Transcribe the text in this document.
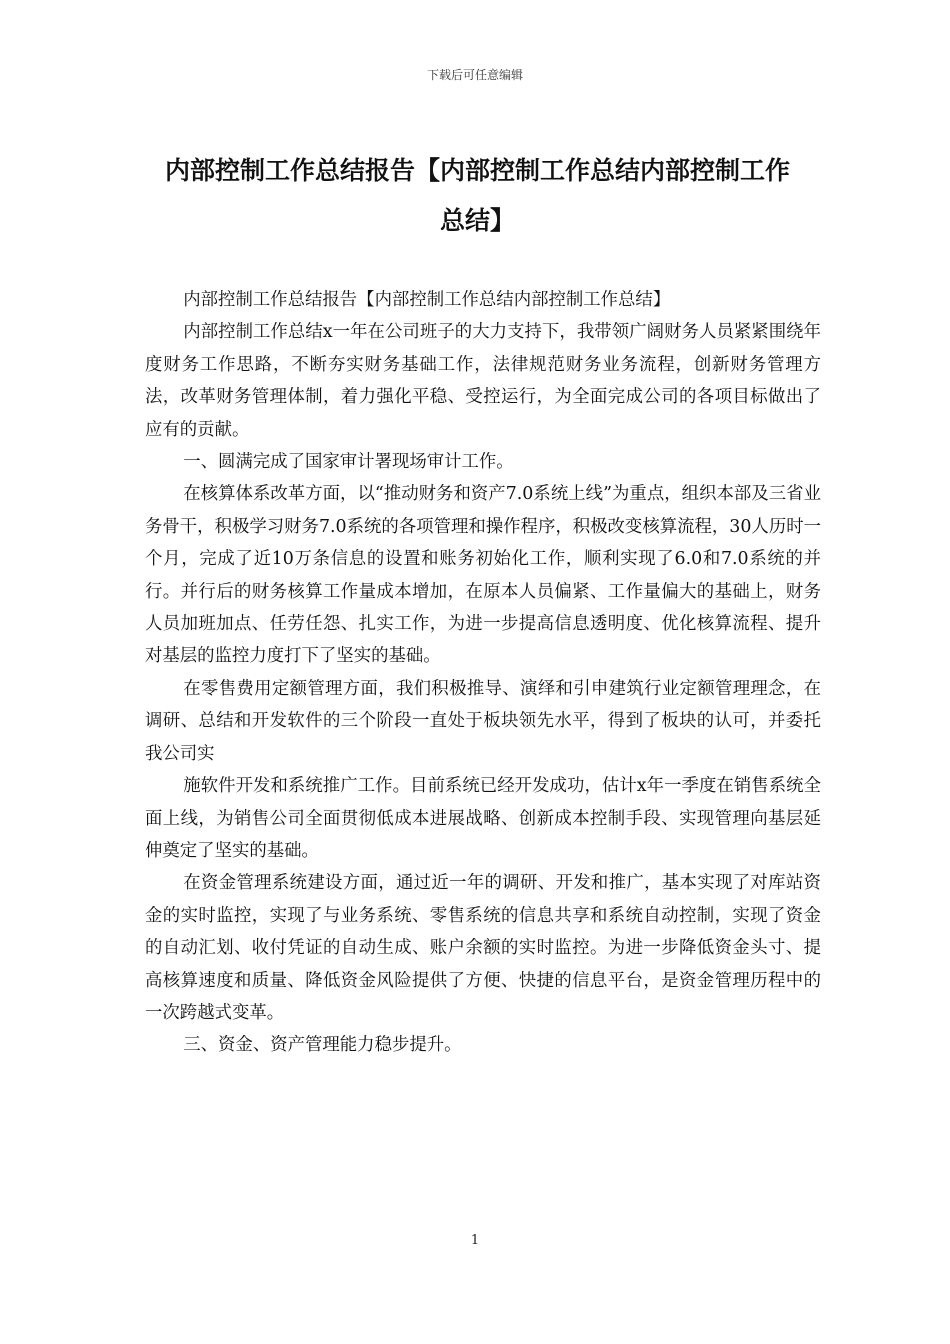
下载后可任意编辑
内部控制工作总结报告【内部控制工作总结内部控制工作
总结】

内部控制工作总结报告【内部控制工作总结内部控制工作总结】

内部控制工作总结x一年在公司班子的大力支持下，我带领广阔财务人员紧紧围绕年度财务工作思路，不断夯实财务基础工作，法律规范财务业务流程，创新财务管理方法，改革财务管理体制，着力强化平稳、受控运行，为全面完成公司的各项目标做出了应有的贡献。

一、圆满完成了国家审计署现场审计工作。

在核算体系改革方面，以“推动财务和资产7.0系统上线”为重点，组织本部及三省业务骨干，积极学习财务7.0系统的各项管理和操作程序，积极改变核算流程，30人历时一个月，完成了近10万条信息的设置和账务初始化工作，顺利实现了6.0和7.0系统的并行。并行后的财务核算工作量成本增加，在原本人员偏紧、工作量偏大的基础上，财务人员加班加点、任劳任怨、扎实工作，为进一步提高信息透明度、优化核算流程、提升对基层的监控力度打下了坚实的基础。

在零售费用定额管理方面，我们积极推导、演绎和引申建筑行业定额管理理念，在调研、总结和开发软件的三个阶段一直处于板块领先水平，得到了板块的认可，并委托我公司实

施软件开发和系统推广工作。目前系统已经开发成功，估计x年一季度在销售系统全面上线，为销售公司全面贯彻低成本进展战略、创新成本控制手段、实现管理向基层延伸奠定了坚实的基础。

在资金管理系统建设方面，通过近一年的调研、开发和推广，基本实现了对库站资金的实时监控，实现了与业务系统、零售系统的信息共享和系统自动控制，实现了资金的自动汇划、收付凭证的自动生成、账户余额的实时监控。为进一步降低资金头寸、提高核算速度和质量、降低资金风险提供了方便、快捷的信息平台，是资金管理历程中的一次跨越式变革。

三、资金、资产管理能力稳步提升。

1
